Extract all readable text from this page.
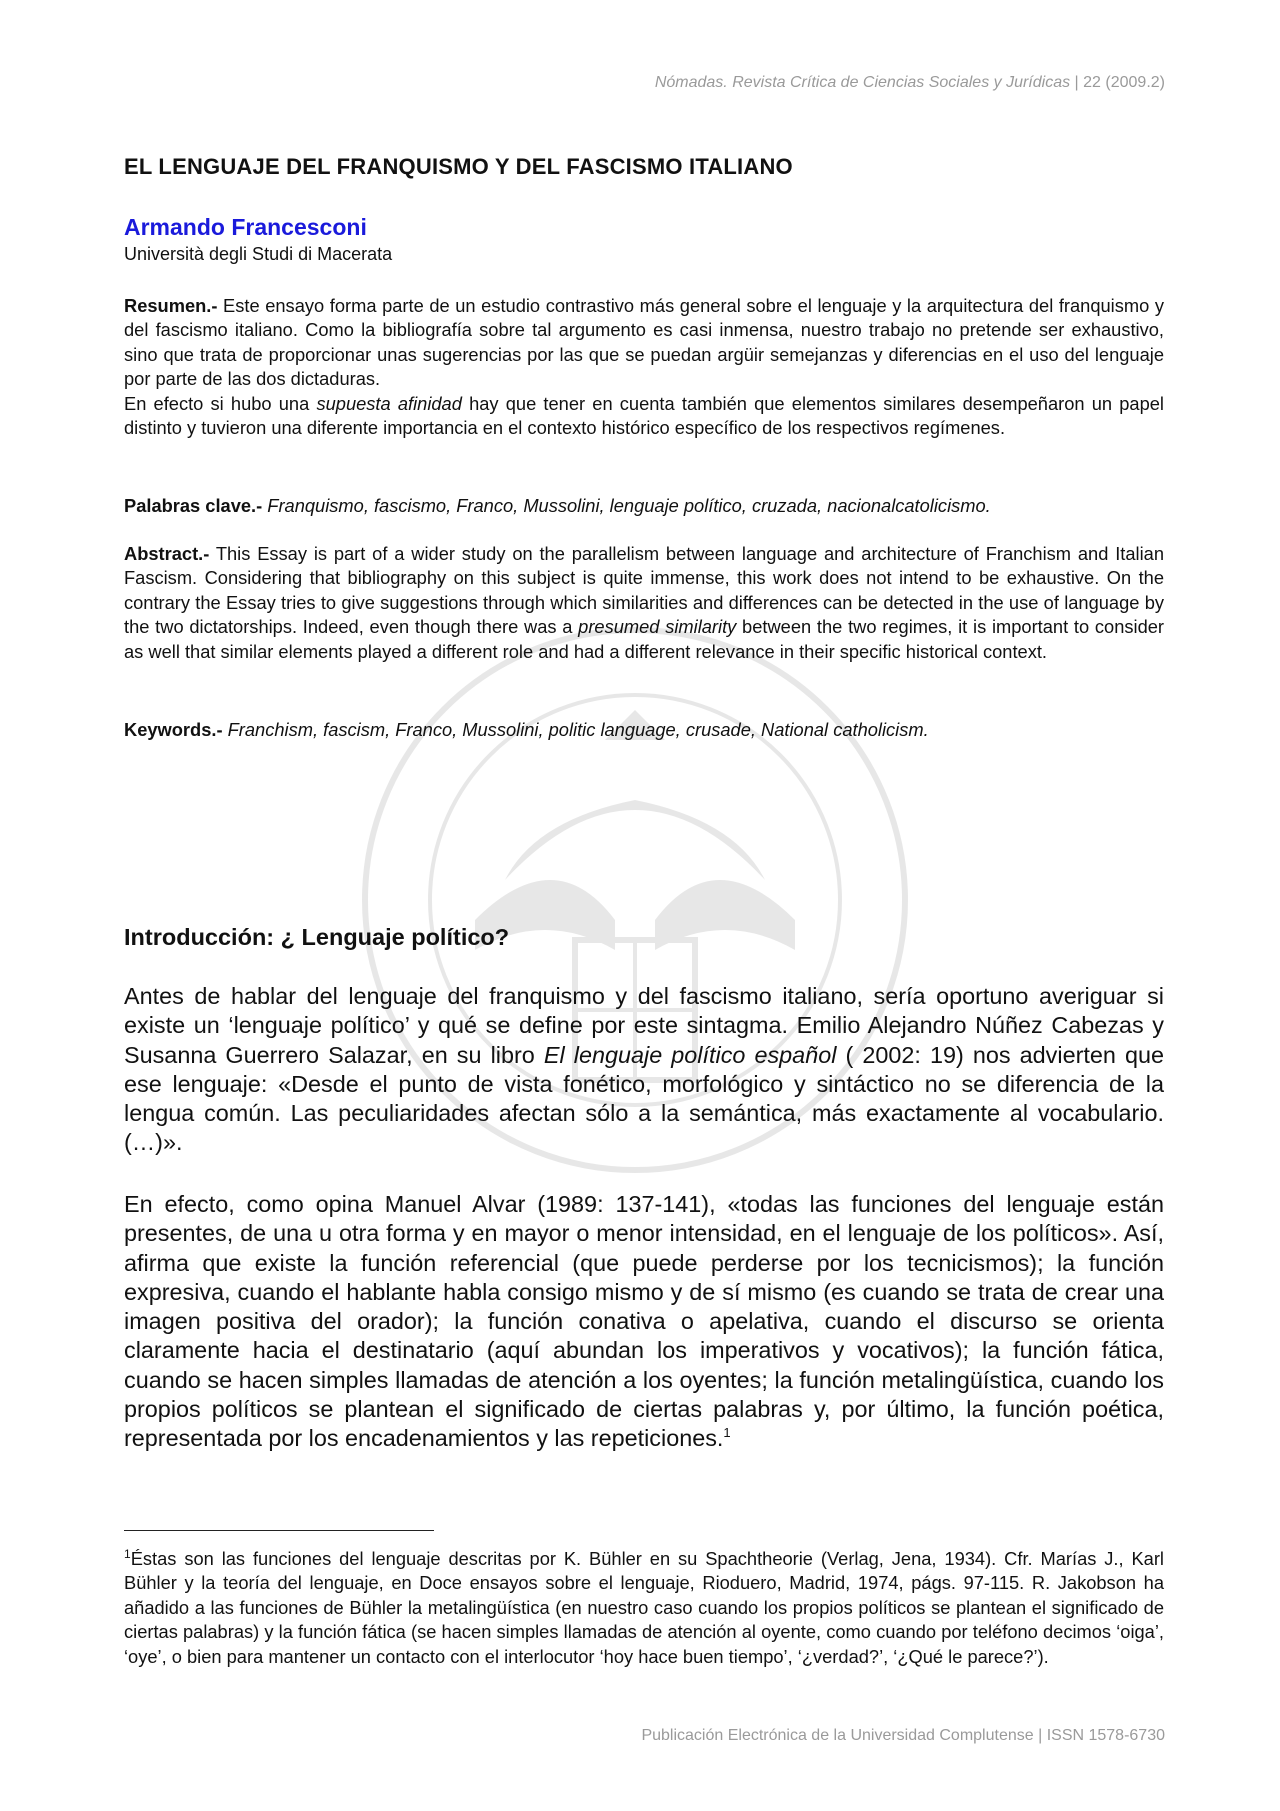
Nómadas. Revista Crítica de Ciencias Sociales y Jurídicas | 22 (2009.2)
EL LENGUAJE DEL FRANQUISMO Y DEL FASCISMO ITALIANO
Armando Francesconi
Università degli Studi di Macerata

Resumen.- Este ensayo forma parte de un estudio contrastivo más general sobre el lenguaje y la arquitectura del franquismo y del fascismo italiano. Como la bibliografía sobre tal argumento es casi inmensa, nuestro trabajo no pretende ser exhaustivo, sino que trata de proporcionar unas sugerencias por las que se puedan argüir semejanzas y diferencias en el uso del lenguaje por parte de las dos dictaduras.
En efecto si hubo una supuesta afinidad hay que tener en cuenta también que elementos similares desempeñaron un papel distinto y tuvieron una diferente importancia en el contexto histórico específico de los respectivos regímenes.

Palabras clave.- Franquismo, fascismo, Franco, Mussolini, lenguaje político, cruzada, nacionalcatolicismo.

Abstract.- This Essay is part of a wider study on the parallelism between language and architecture of Franchism and Italian Fascism. Considering that bibliography on this subject is quite immense, this work does not intend to be exhaustive. On the contrary the Essay tries to give suggestions through which similarities and differences can be detected in the use of language by the two dictatorships. Indeed, even though there was a presumed similarity between the two regimes, it is important to consider as well that similar elements played a different role and had a different relevance in their specific historical context.

Keywords.- Franchism, fascism, Franco, Mussolini, politic language, crusade, National catholicism.

Introducción: ¿ Lenguaje político?

Antes de hablar del lenguaje del franquismo y del fascismo italiano, sería oportuno averiguar si existe un ‘lenguaje político’ y qué se define por este sintagma. Emilio Alejandro Núñez Cabezas y Susanna Guerrero Salazar, en su libro El lenguaje político español ( 2002: 19) nos advierten que ese lenguaje: «Desde el punto de vista fonético, morfológico y sintáctico no se diferencia de la lengua común. Las peculiaridades afectan sólo a la semántica, más exactamente al vocabulario. (…)».

En efecto, como opina Manuel Alvar (1989: 137-141), «todas las funciones del lenguaje están presentes, de una u otra forma y en mayor o menor intensidad, en el lenguaje de los políticos». Así, afirma que existe la función referencial (que puede perderse por los tecnicismos); la función expresiva, cuando el hablante habla consigo mismo y de sí mismo (es cuando se trata de crear una imagen positiva del orador); la función conativa o apelativa, cuando el discurso se orienta claramente hacia el destinatario (aquí abundan los imperativos y vocativos); la función fática, cuando se hacen simples llamadas de atención a los oyentes; la función metalingüística, cuando los propios políticos se plantean el significado de ciertas palabras y, por último, la función poética, representada por los encadenamientos y las repeticiones.$^1$

$^1$Éstas son las funciones del lenguaje descritas por K. Bühler en su Spachtheorie (Verlag, Jena, 1934). Cfr. Marías J., Karl Bühler y la teoría del lenguaje, en Doce ensayos sobre el lenguaje, Rioduero, Madrid, 1974, págs. 97-115. R. Jakobson ha añadido a las funciones de Bühler la metalingüística (en nuestro caso cuando los propios políticos se plantean el significado de ciertas palabras) y la función fática (se hacen simples llamadas de atención al oyente, como cuando por teléfono decimos ‘oiga’, ‘oye’, o bien para mantener un contacto con el interlocutor ‘hoy hace buen tiempo’, ‘¿verdad?’, ‘¿Qué le parece?’).

Publicación Electrónica de la Universidad Complutense | ISSN 1578-6730
